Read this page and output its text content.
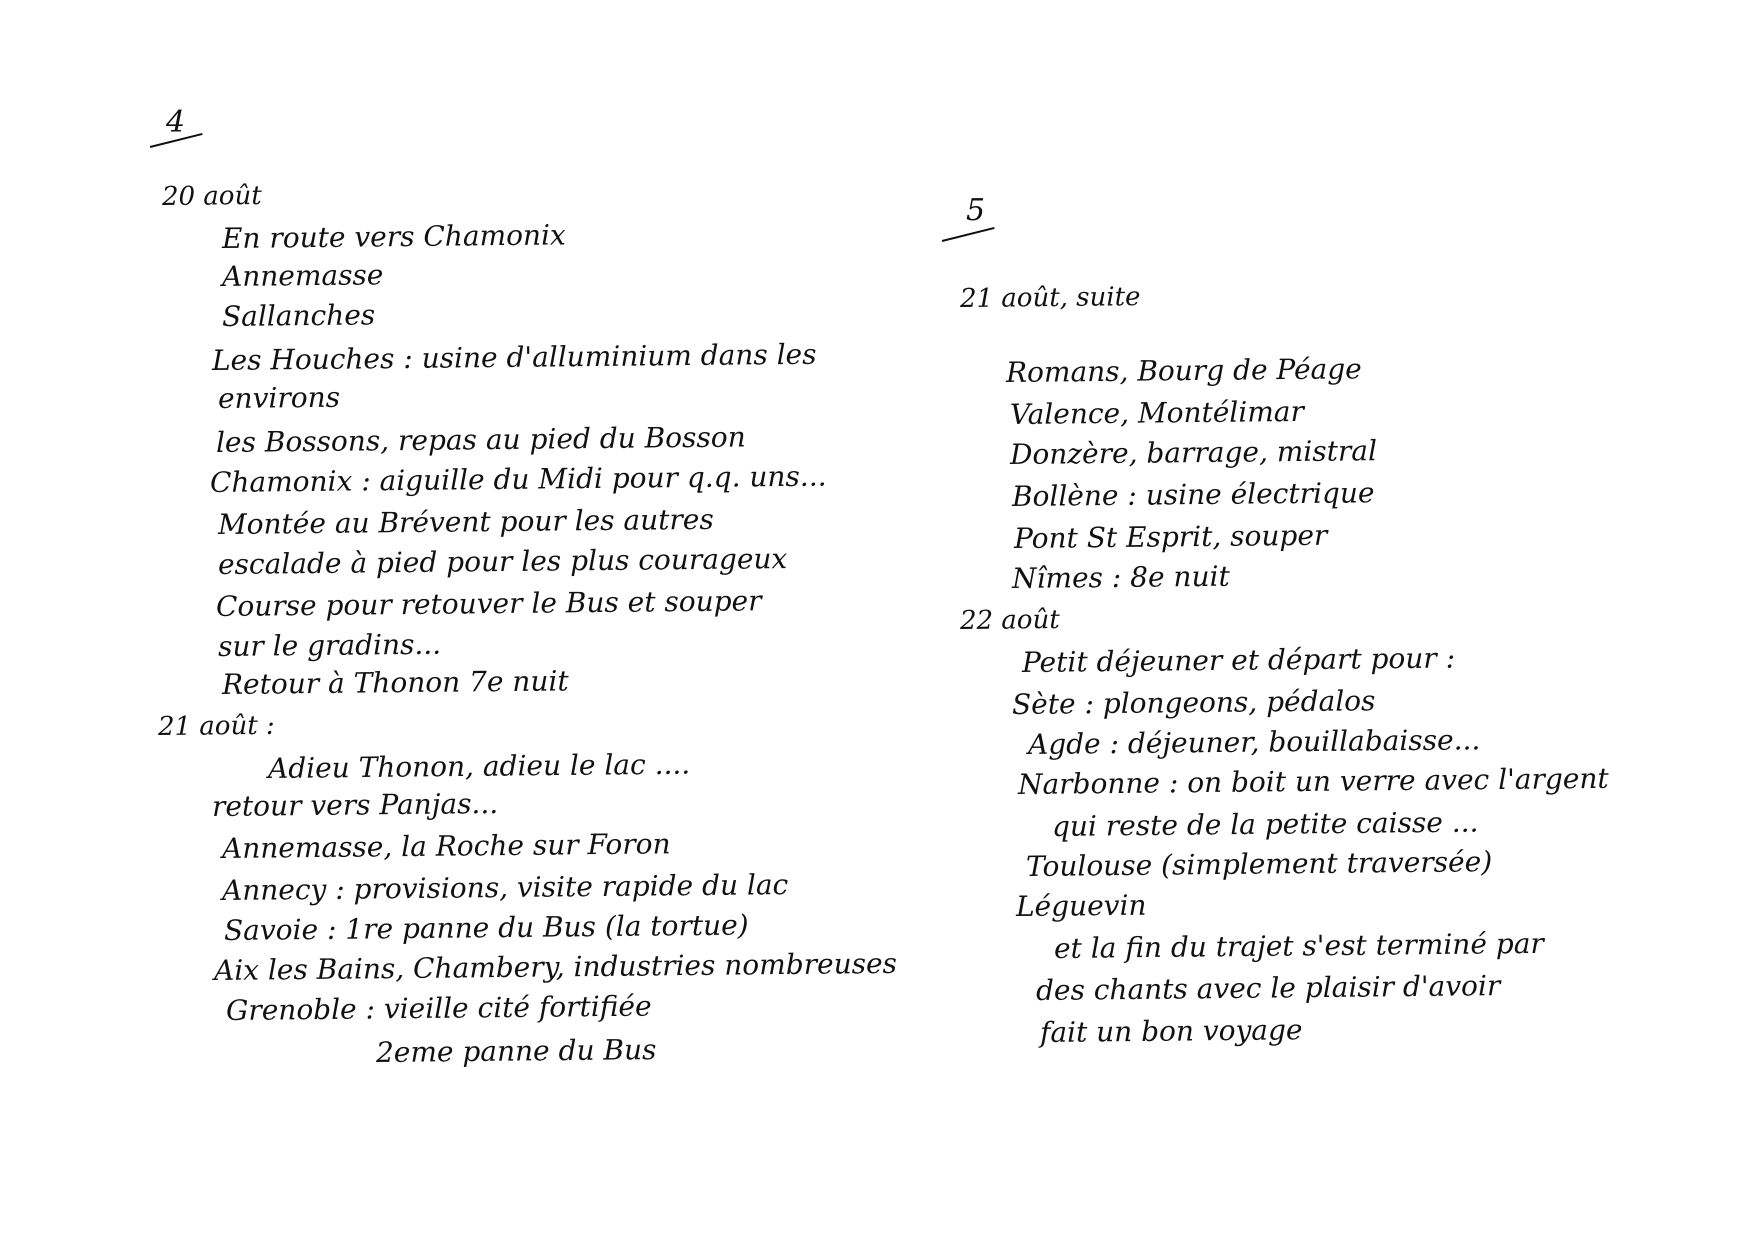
4
20 août
En route vers Chamonix
Annemasse
Sallanches
Les Houches : usine d'alluminium dans les
environs
les Bossons, repas au pied du Bosson
Chamonix : aiguille du Midi pour q.q. uns...
Montée au Brévent pour les autres
escalade à pied pour les plus courageux
Course pour retouver le Bus et souper
sur le gradins...
Retour à Thonon 7e nuit
21 août :
Adieu Thonon, adieu le lac ....
retour vers Panjas...
Annemasse, la Roche sur Foron
Annecy : provisions, visite rapide du lac
Savoie : 1re panne du Bus (la tortue)
Aix les Bains, Chambery, industries nombreuses
Grenoble : vieille cité fortifiée
2eme panne du Bus
5
21 août, suite
Romans, Bourg de Péage
Valence, Montélimar
Donzère, barrage, mistral
Bollène : usine électrique
Pont St Esprit, souper
Nîmes : 8e nuit
22 août
Petit déjeuner et départ pour :
Sète : plongeons, pédalos
Agde : déjeuner, bouillabaisse...
Narbonne : on boit un verre avec l'argent
qui reste de la petite caisse ...
Toulouse (simplement traversée)
Léguevin
et la fin du trajet s'est terminé par
des chants avec le plaisir d'avoir
fait un bon voyage
